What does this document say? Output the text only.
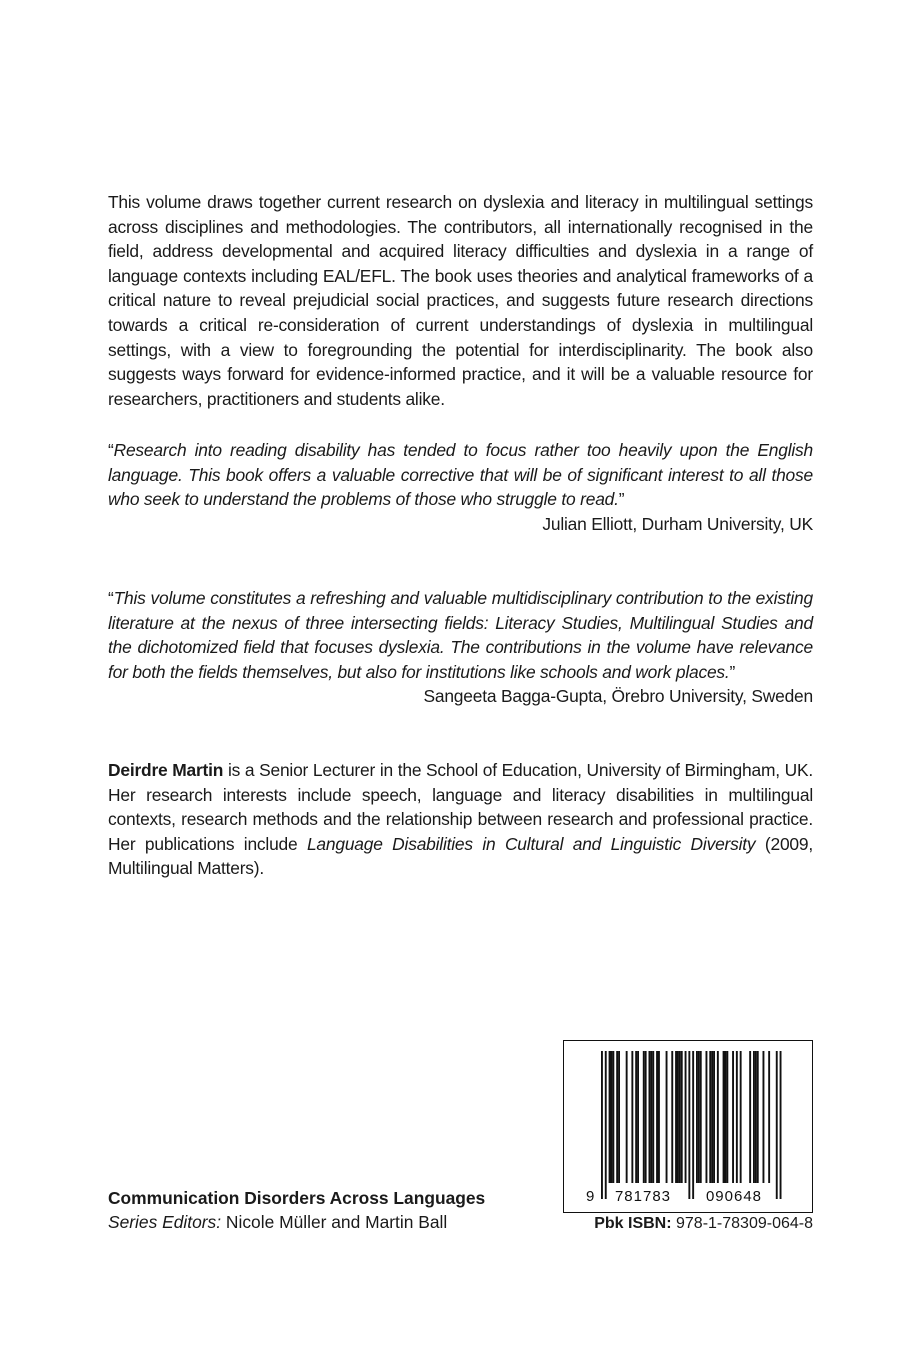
This volume draws together current research on dyslexia and literacy in multilingual settings across disciplines and methodologies. The contributors, all internationally recognised in the field, address developmental and acquired literacy difficulties and dyslexia in a range of language contexts including EAL/EFL. The book uses theories and analytical frameworks of a critical nature to reveal prejudicial social practices, and suggests future research directions towards a critical re-consideration of current understandings of dyslexia in multilingual settings, with a view to foregrounding the potential for interdisciplinarity. The book also suggests ways forward for evidence-informed practice, and it will be a valuable resource for researchers, practitioners and students alike.

“Research into reading disability has tended to focus rather too heavily upon the English language. This book offers a valuable corrective that will be of significant interest to all those who seek to understand the problems of those who struggle to read.”

Julian Elliott, Durham University, UK

“This volume constitutes a refreshing and valuable multidisciplinary contribution to the existing literature at the nexus of three intersecting fields: Literacy Studies, Multilingual Studies and the dichotomized field that focuses dyslexia. The contributions in the volume have relevance for both the fields themselves, but also for institutions like schools and work places.”

Sangeeta Bagga-Gupta, Örebro University, Sweden

Deirdre Martin is a Senior Lecturer in the School of Education, University of Birmingham, UK. Her research interests include speech, language and literacy disabilities in multilingual contexts, research methods and the relationship between research and professional practice. Her publications include Language Disabilities in Cultural and Linguistic Diversity (2009, Multilingual Matters).

Communication Disorders Across Languages
Series Editors: Nicole Müller and Martin Ball
9 781783 090648
Pbk ISBN: 978-1-78309-064-8
